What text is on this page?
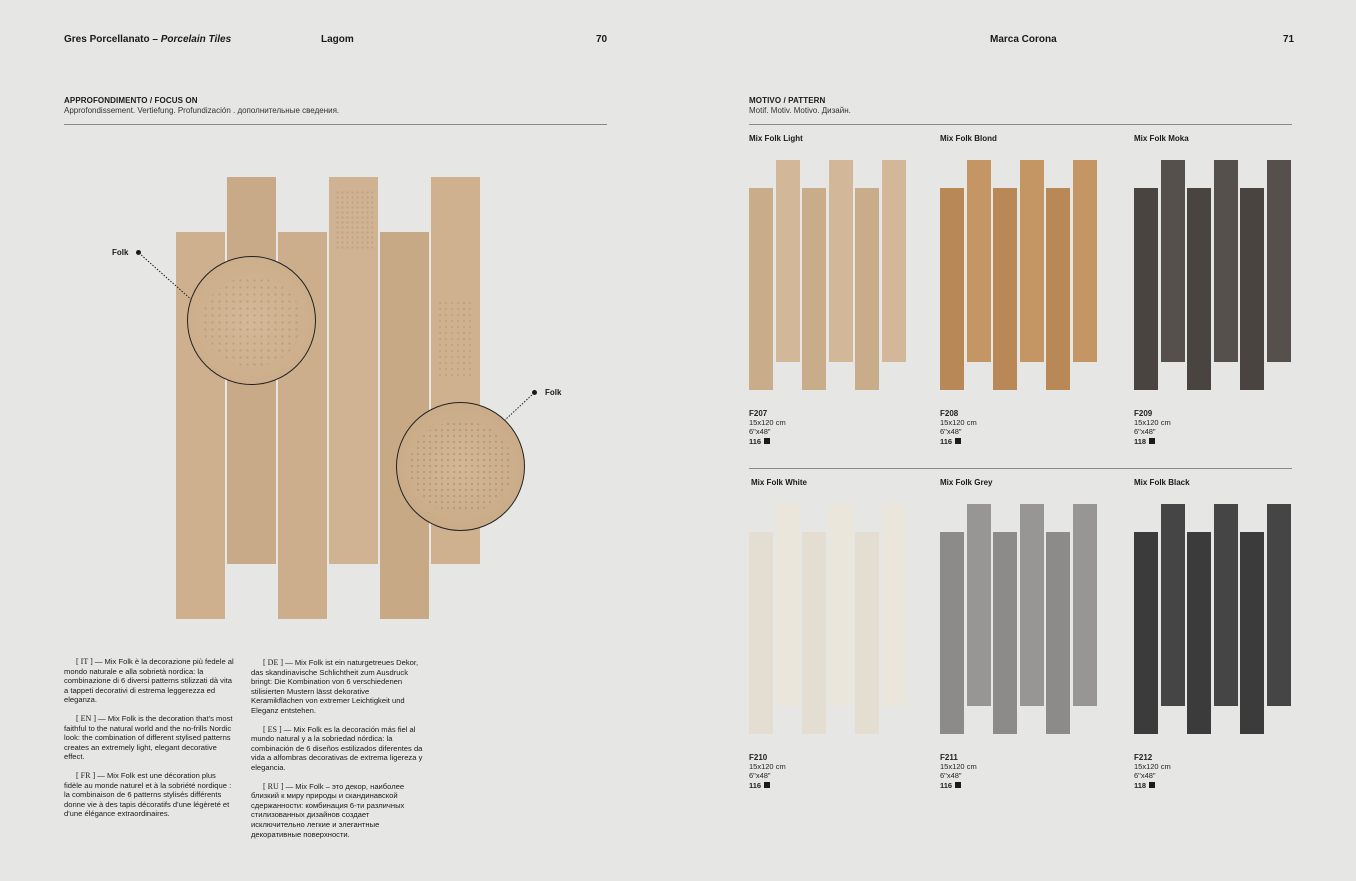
Gres Porcellanato – Porcelain Tiles	Lagom	70	Marca Corona	71
APPROFONDIMENTO / FOCUS ON
Approfondissement. Vertiefung. Profundización . дополнительные сведения.
Folk
Folk

[ IT ] — Mix Folk è la decorazione più fedele al mondo naturale e alla sobrietà nordica: la combinazione di 6 diversi patterns stilizzati dà vita a tappeti decorativi di estrema leggerezza ed eleganza.

[ EN ] — Mix Folk is the decoration that's most faithful to the natural world and the no-frills Nordic look: the combination of different stylised patterns creates an extremely light, elegant decorative effect.

[ FR ] — Mix Folk est une décoration plus fidèle au monde naturel et à la sobriété nordique : la combinaison de 6 patterns stylisés différents donne vie à des tapis décoratifs d'une légèreté et d'une élégance extraordinaires.

[ DE ] — Mix Folk ist ein naturgetreues Dekor, das skandinavische Schlichtheit zum Ausdruck bringt: Die Kombination von 6 verschiedenen stilisierten Mustern lässt dekorative Keramikflächen von extremer Leichtigkeit und Eleganz entstehen.

[ ES ] — Mix Folk es la decoración más fiel al mundo natural y a la sobriedad nórdica: la combinación de 6 diseños estilizados diferentes da vida a alfombras decorativas de extrema ligereza y elegancia.

[ RU ] — Mix Folk – это декор, наиболее близкий к миру природы и скандинавской сдержанности: комбинация 6-ти различных стилизованных дизайнов создает исключительно легкие и элегантные декоративные поверхности.

MOTIVO / PATTERN
Motif. Motiv. Motivo. Дизайн.
Mix Folk Light
F207
15x120 cm
6"x48"
116
Mix Folk Blond
F208
15x120 cm
6"x48"
116
Mix Folk Moka
F209
15x120 cm
6"x48"
118
Mix Folk White
F210
15x120 cm
6"x48"
116
Mix Folk Grey
F211
15x120 cm
6"x48"
116
Mix Folk Black
F212
15x120 cm
6"x48"
118
